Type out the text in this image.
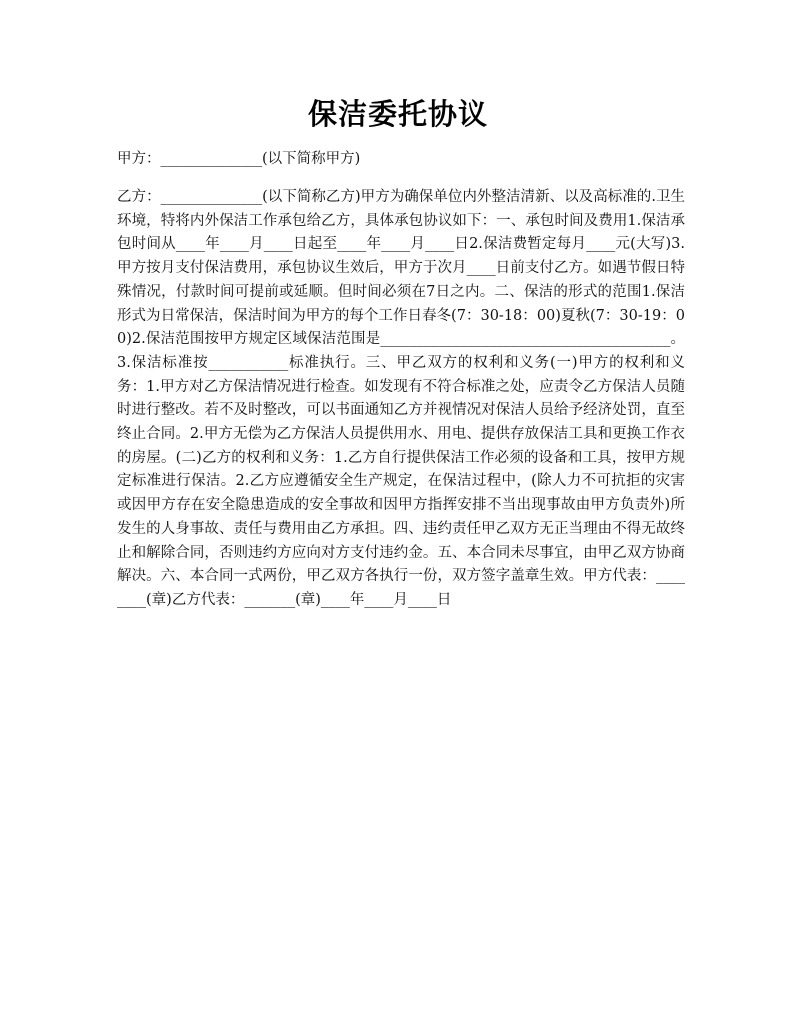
保洁委托协议

甲方：______________(以下简称甲方)

乙方：______________(以下简称乙方)甲方为确保单位内外整洁清新、以及高标准的.卫生环境，特将内外保洁工作承包给乙方，具体承包协议如下：一、承包时间及费用1.保洁承包时间从____年____月____日起至____年____月____日2.保洁费暂定每月____元(大写)3.甲方按月支付保洁费用，承包协议生效后，甲方于次月____日前支付乙方。如遇节假日特殊情况，付款时间可提前或延顺。但时间必须在7日之内。二、保洁的形式的范围1.保洁形式为日常保洁，保洁时间为甲方的每个工作日春冬(7：30-18：00)夏秋(7：30-19：00)2.保洁范围按甲方规定区域保洁范围是________________________________________。3.保洁标准按___________标准执行。三、甲乙双方的权利和义务(一)甲方的权利和义务：1.甲方对乙方保洁情况进行检查。如发现有不符合标准之处，应责令乙方保洁人员随时进行整改。若不及时整改，可以书面通知乙方并视情况对保洁人员给予经济处罚，直至终止合同。2.甲方无偿为乙方保洁人员提供用水、用电、提供存放保洁工具和更换工作衣的房屋。(二)乙方的权利和义务：1.乙方自行提供保洁工作必须的设备和工具，按甲方规定标准进行保洁。2.乙方应遵循安全生产规定，在保洁过程中，(除人力不可抗拒的灾害或因甲方存在安全隐患造成的安全事故和因甲方指挥安排不当出现事故由甲方负责外)所发生的人身事故、责任与费用由乙方承担。四、违约责任甲乙双方无正当理由不得无故终止和解除合同，否则违约方应向对方支付违约金。五、本合同未尽事宜，由甲乙双方协商解决。六、本合同一式两份，甲乙双方各执行一份，双方签字盖章生效。甲方代表：________(章)乙方代表：_______(章)____年____月____日
